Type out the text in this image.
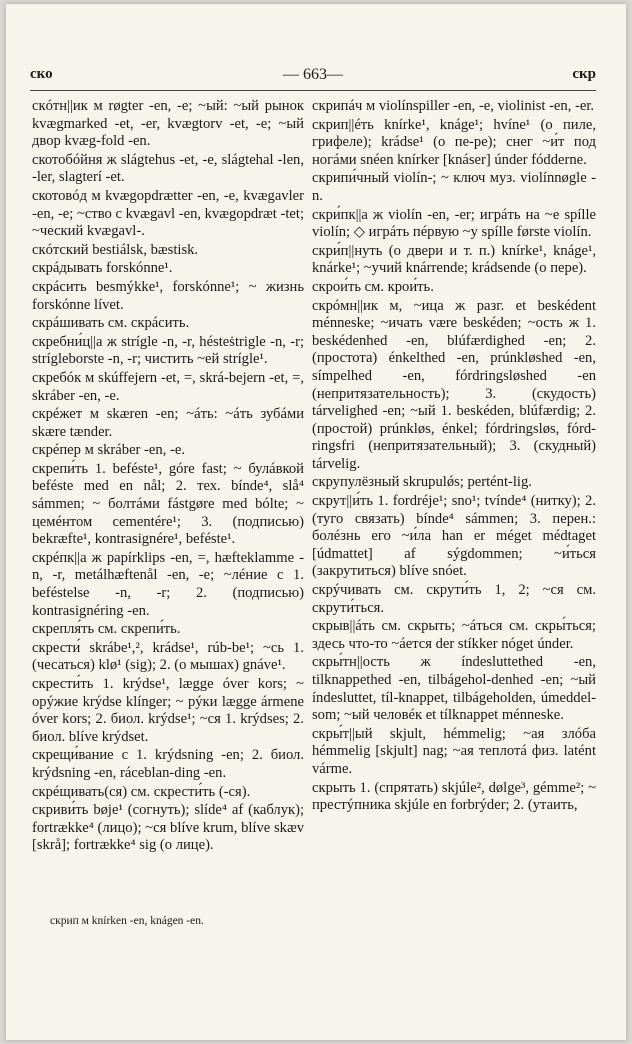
ско	— 663—	скр

скóтн||ик м røgter -en, -e; ~ый: ~ый рынок kvægmarked -et, -er, kvægtorv -et, -e; ~ый двор kvæg-fold -en.

скотобóйня ж slágtehus -et, -e, slágtehal -len, -ler, slagterí -et.

скотовóд м kvægopdrætter -en, -e, kvægavler -en, -e; ~ство с kvægavl -en, kvægopdræt -tet; ~ческий kvægavl-.

скóтский bestiálsk, bæstisk.

скрáдывать forskónne¹.

скрáсить besmýkke¹, forskónne¹; ~ жизнь forskónne lívet.

скрáшивать см. скрáсить.

скребни́ц||а ж strígle -n, -r, hésteṡtrigle -n, -r; strígleborste -n, -r; чистить ~ей strígle¹.

скребóк м skúffejern -et, =, skrá-bejern -et, =, skráber -en, -e.

скрéжет м skæren -en; ~áть: ~áть зубáми skære tænder.

скрéпер м skráber -en, -e.

скрепи́ть 1. beféste¹, góre fast; ~ булáвкой beféste med en nål; 2. тех. bínde⁴, slå⁴ sámmen; ~ болтáми fástgøre med bólte; ~ цемéнтом cementére¹; 3. (подписью) bekræfte¹, kontrasignére¹, beféste¹.

скрéпк||а ж papírklips -en, =, hæfteklamme -n, -r, metálhæftenål -en, -e; ~лéние с 1. beféstelse -n, -r; 2. (подписью) kontrasignéring -en.

скрепля́ть см. скрепи́ть.

скрести́ skrábe¹,², krádse¹, rúb-be¹; ~сь 1. (чесаться) klø¹ (sig); 2. (о мышах) gnáve¹.

скрести́ть 1. krýdse¹, lægge óver kors; ~ орýжие krýdse klínger; ~ рýки lægge ármene óver kors; 2. биол. krýdse¹; ~ся 1. krýdses; 2. биол. blíve krýdset.

скрещи́вание с 1. krýdsning -en; 2. биол. krýdsning -en, ráceblan-ding -en.

скрéщивать(ся) см. скрести́ть (-ся).

скриви́ть bøje¹ (согнуть); slíde⁴ af (каблук); fortrække⁴ (лицо); ~ся blíve krum, blíve skæv [skrå]; fortrække⁴ sig (о лице).

скрип м knírken -en, knágen -en.

скрипáч м violínspiller -en, -e, violinist -en, -er.

скрип||éть knírke¹, knáge¹; hvíne¹ (о пиле, грифеле); krádse¹ (о пе-ре); снег ~и́т под ногáми snéen knírker [knáser] únder fódderne.

скрипи́чный violín-; ~ ключ муз. violínnøgle -n.

скри́пк||а ж violín -en, -er; игрáть на ~е spílle violín; ◇ игрáть пéрвую ~у spílle første violín.

скри́п||нуть (о двери и т. п.) knírke¹, knáge¹, knárke¹; ~учий knárrende; krádsende (о пере).

скрои́ть см. крои́ть.

скрóмн||ик м, ~ица ж разг. et beskédent ménneske; ~ичать være beskéden; ~ость ж 1. beskédenhed -en, blúfærdighed -en; 2. (простота) énkelthed -en, prúnkløshed -en, símpelhed -en, fórdringsløshed -en (непритязательность); 3. (скудость) tárvelighed -en; ~ый 1. beskéden, blúfærdig; 2. (простой) prúnkløs, énkel; fórdringsløs, fórd-ringsfri (непритязательный); 3. (скудный) tárvelig.

скрупулёзный skrupulǿs; pertént-lig.

скрут||и́ть 1. fordréje¹; sno¹; tvínde⁴ (нитку); 2. (туго связать) bínde⁴ sámmen; 3. перен.: болéзнь его ~и́ла han er méget médtaget [údmattet] af sýgdommen; ~и́ться (закрутиться) blíve snóet.

скрýчивать см. скрути́ть 1, 2; ~ся см. скрути́ться.

скрыв||áть см. скрыть; ~áться см. скры́ться; здесь что-то ~áется der stíkker nóget únder.

скры́тн||ость ж índesluttethed -en, tilknappethed -en, tilbágehol-denhed -en; ~ый índesluttet, tíl-knappet, tilbágeholden, úmeddel-som; ~ый человéк et tílknappet ménneske.

скры́т||ый skjult, hémmelig; ~ая злóба hémmelig [skjult] nag; ~ая теплотá физ. latént várme.

скрыть 1. (спрятать) skjúle², dølge³, gémme²; ~ престýпника skjúle en forbrýder; 2. (утаить,
